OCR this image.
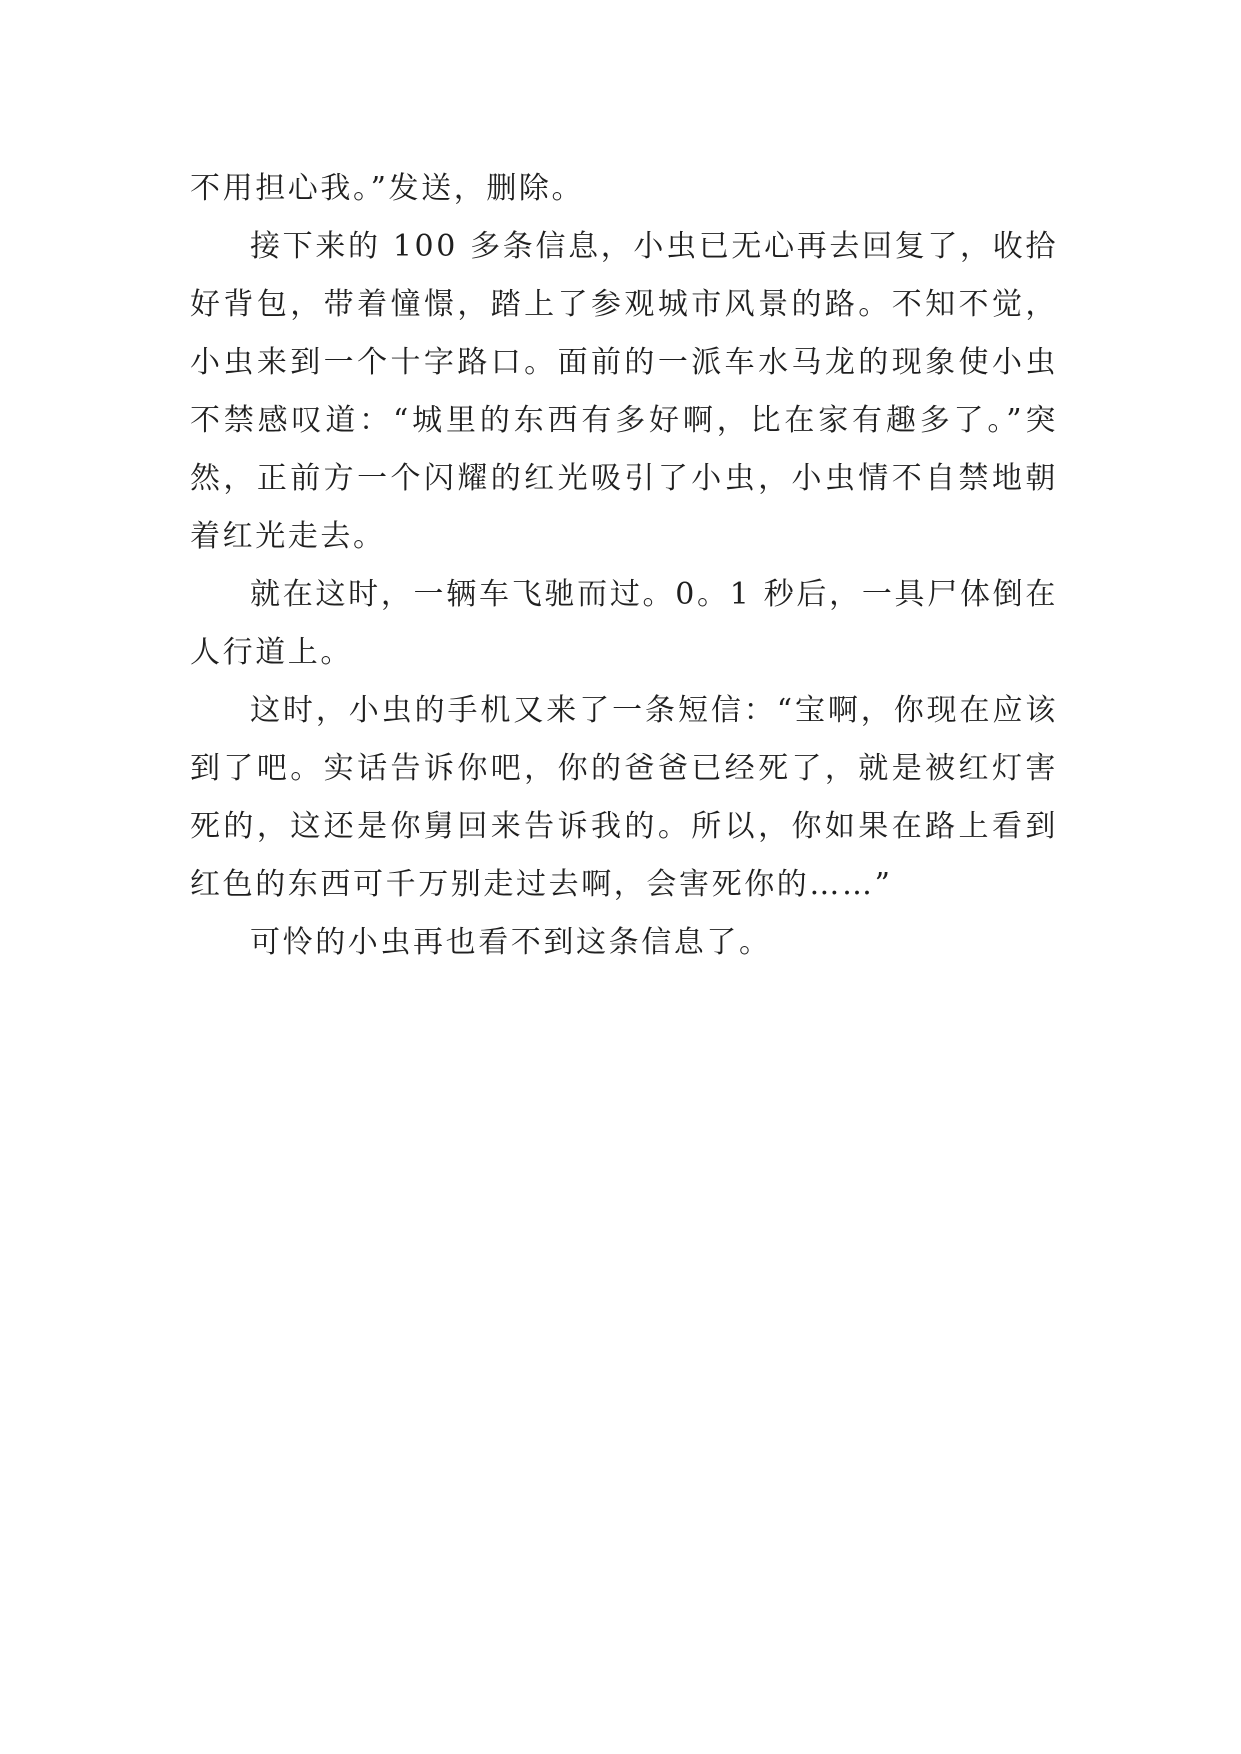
不用担心我。”发送，删除。

接下来的 100 多条信息，小虫已无心再去回复了，收拾好背包，带着憧憬，踏上了参观城市风景的路。不知不觉，小虫来到一个十字路口。面前的一派车水马龙的现象使小虫不禁感叹道：“城里的东西有多好啊，比在家有趣多了。”突然，正前方一个闪耀的红光吸引了小虫，小虫情不自禁地朝着红光走去。

就在这时，一辆车飞驰而过。0。1 秒后，一具尸体倒在人行道上。

这时，小虫的手机又来了一条短信：“宝啊，你现在应该到了吧。实话告诉你吧，你的爸爸已经死了，就是被红灯害死的，这还是你舅回来告诉我的。所以，你如果在路上看到红色的东西可千万别走过去啊，会害死你的……”

可怜的小虫再也看不到这条信息了。
